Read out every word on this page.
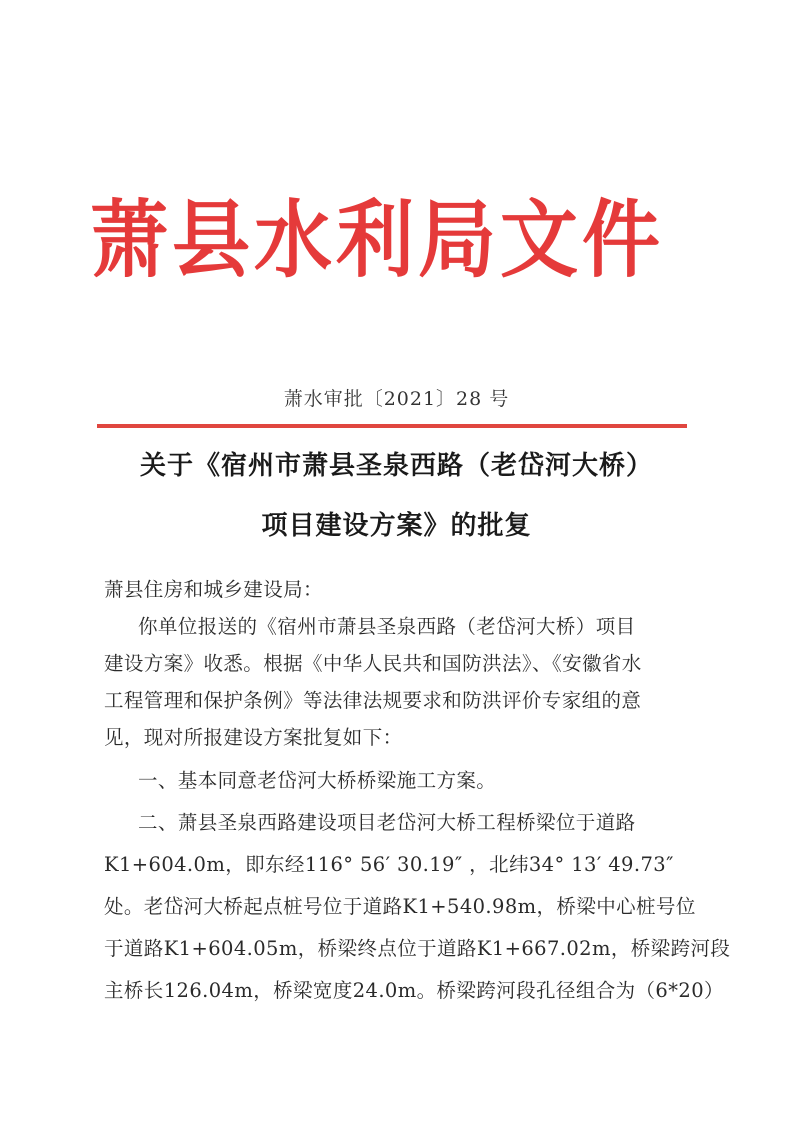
萧县水利局文件
萧水审批〔2021〕28 号
关于《宿州市萧县圣泉西路（老岱河大桥）
项目建设方案》的批复
萧县住房和城乡建设局：
你单位报送的《宿州市萧县圣泉西路（老岱河大桥）项目
建设方案》收悉。根据《中华人民共和国防洪法》、《安徽省水
工程管理和保护条例》等法律法规要求和防洪评价专家组的意
见，现对所报建设方案批复如下：
一、基本同意老岱河大桥桥梁施工方案。
二、萧县圣泉西路建设项目老岱河大桥工程桥梁位于道路
K1+604.0m，即东经116° 56′ 30.19″ ，北纬34° 13′ 49.73″
处。老岱河大桥起点桩号位于道路K1+540.98m，桥梁中心桩号位
于道路K1+604.05m，桥梁终点位于道路K1+667.02m，桥梁跨河段
主桥长126.04m，桥梁宽度24.0m。桥梁跨河段孔径组合为（6*20）
